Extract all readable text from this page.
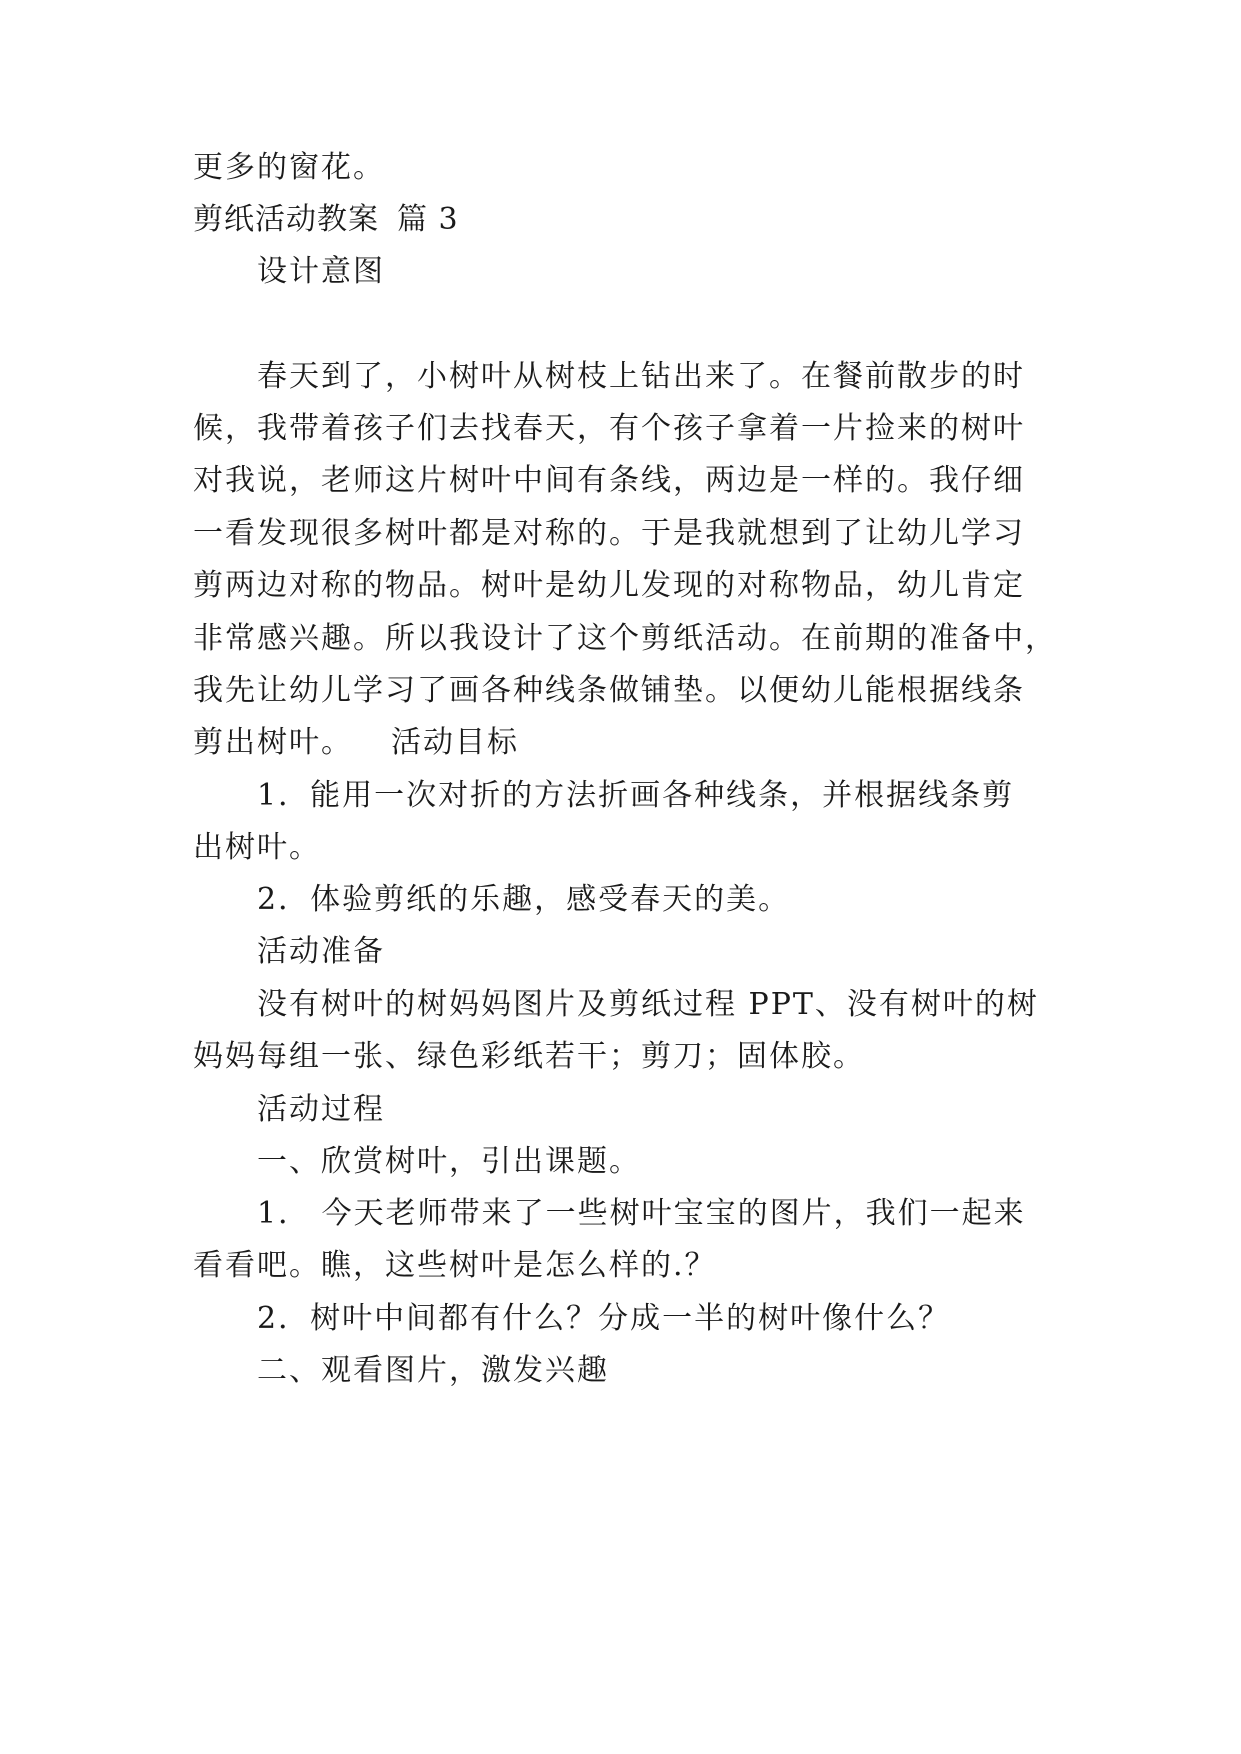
更多的窗花。
剪纸活动教案 篇 3
设计意图
春天到了，小树叶从树枝上钻出来了。在餐前散步的时
候，我带着孩子们去找春天，有个孩子拿着一片捡来的树叶
对我说，老师这片树叶中间有条线，两边是一样的。我仔细
一看发现很多树叶都是对称的。于是我就想到了让幼儿学习
剪两边对称的物品。树叶是幼儿发现的对称物品，幼儿肯定
非常感兴趣。所以我设计了这个剪纸活动。在前期的准备中，
我先让幼儿学习了画各种线条做铺垫。以便幼儿能根据线条
剪出树叶。 活动目标
1．能用一次对折的方法折画各种线条，并根据线条剪
出树叶。
2．体验剪纸的乐趣，感受春天的美。
活动准备
没有树叶的树妈妈图片及剪纸过程 PPT、没有树叶的树
妈妈每组一张、绿色彩纸若干；剪刀；固体胶。
活动过程
一、欣赏树叶，引出课题。
1． 今天老师带来了一些树叶宝宝的图片，我们一起来
看看吧。瞧，这些树叶是怎么样的.？
2．树叶中间都有什么？分成一半的树叶像什么？
二、观看图片，激发兴趣
